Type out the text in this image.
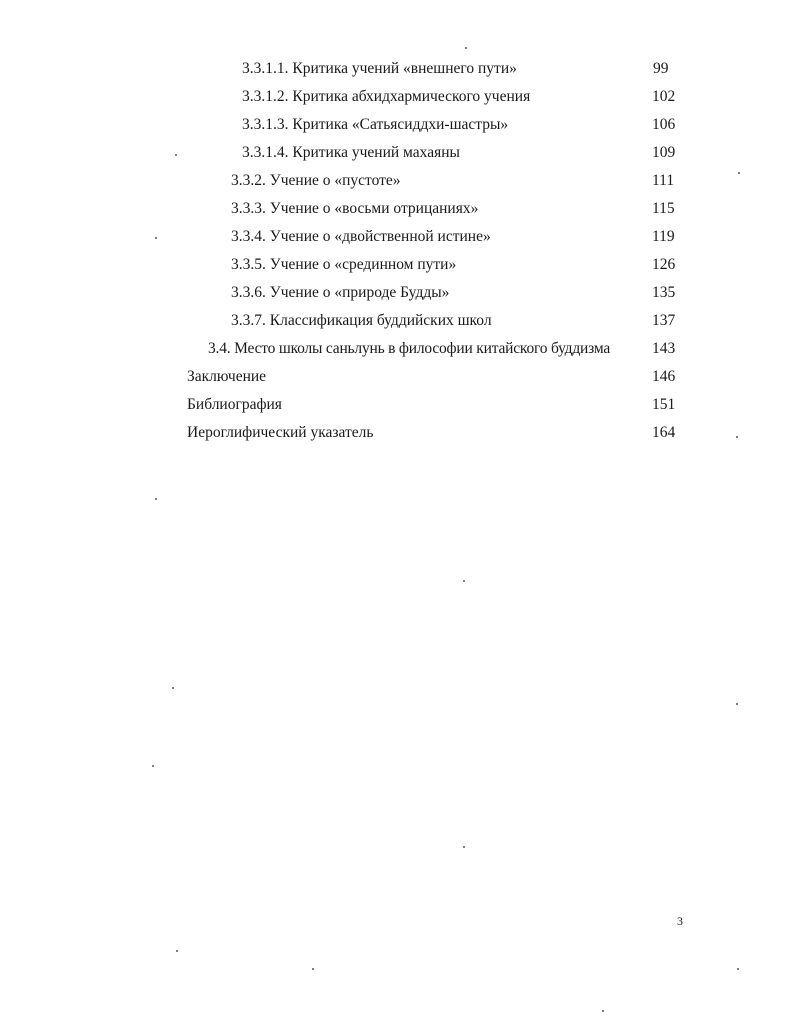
3.3.1.1. Критика учений «внешнего пути»	99
3.3.1.2. Критика абхидхармического учения	102
3.3.1.3. Критика «Сатьясиддхи-шастры»	106
3.3.1.4. Критика учений махаяны	109
3.3.2. Учение о «пустоте»	111
3.3.3. Учение о «восьми отрицаниях»	115
3.3.4. Учение о «двойственной истине»	119
3.3.5. Учение о «срединном пути»	126
3.3.6. Учение о «природе Будды»	135
3.3.7. Классификация буддийских школ	137
3.4. Место школы саньлунь в философии китайского буддизма	143
Заключение	146
Библиография	151
Иероглифический указатель	164
3
